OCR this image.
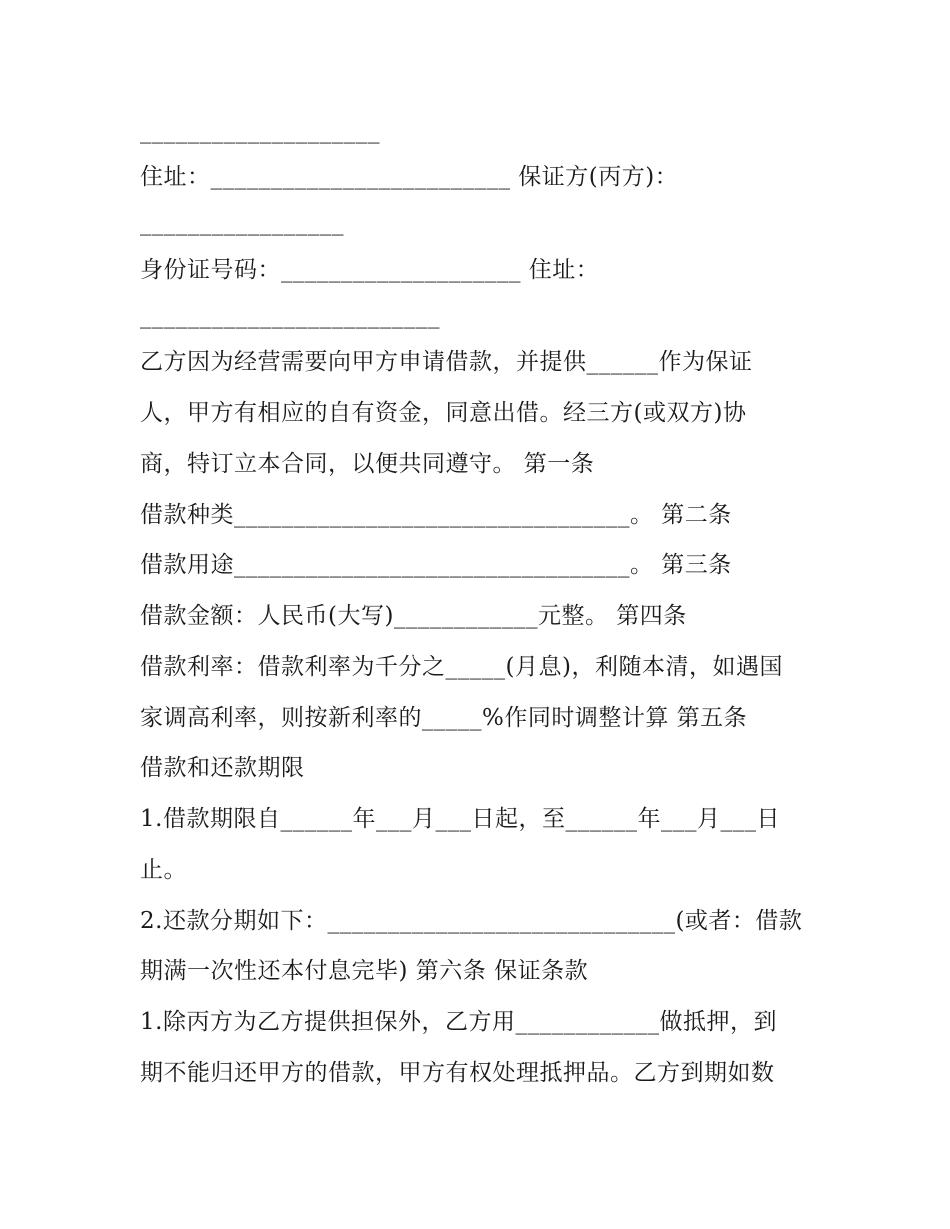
____________________
住址：_________________________ 保证方(丙方)：
_________________
身份证号码：____________________ 住址：
_________________________
乙方因为经营需要向甲方申请借款，并提供______作为保证
人，甲方有相应的自有资金，同意出借。经三方(或双方)协
商，特订立本合同，以便共同遵守。 第一条
借款种类_________________________________。 第二条
借款用途_________________________________。 第三条
借款金额：人民币(大写)____________元整。 第四条
借款利率：借款利率为千分之_____(月息)，利随本清，如遇国
家调高利率，则按新利率的_____%作同时调整计算 第五条
借款和还款期限
1.借款期限自______年___月___日起，至______年___月___日
止。
2.还款分期如下：_____________________________(或者：借款
期满一次性还本付息完毕) 第六条 保证条款
1.除丙方为乙方提供担保外，乙方用____________做抵押，到
期不能归还甲方的借款，甲方有权处理抵押品。乙方到期如数
